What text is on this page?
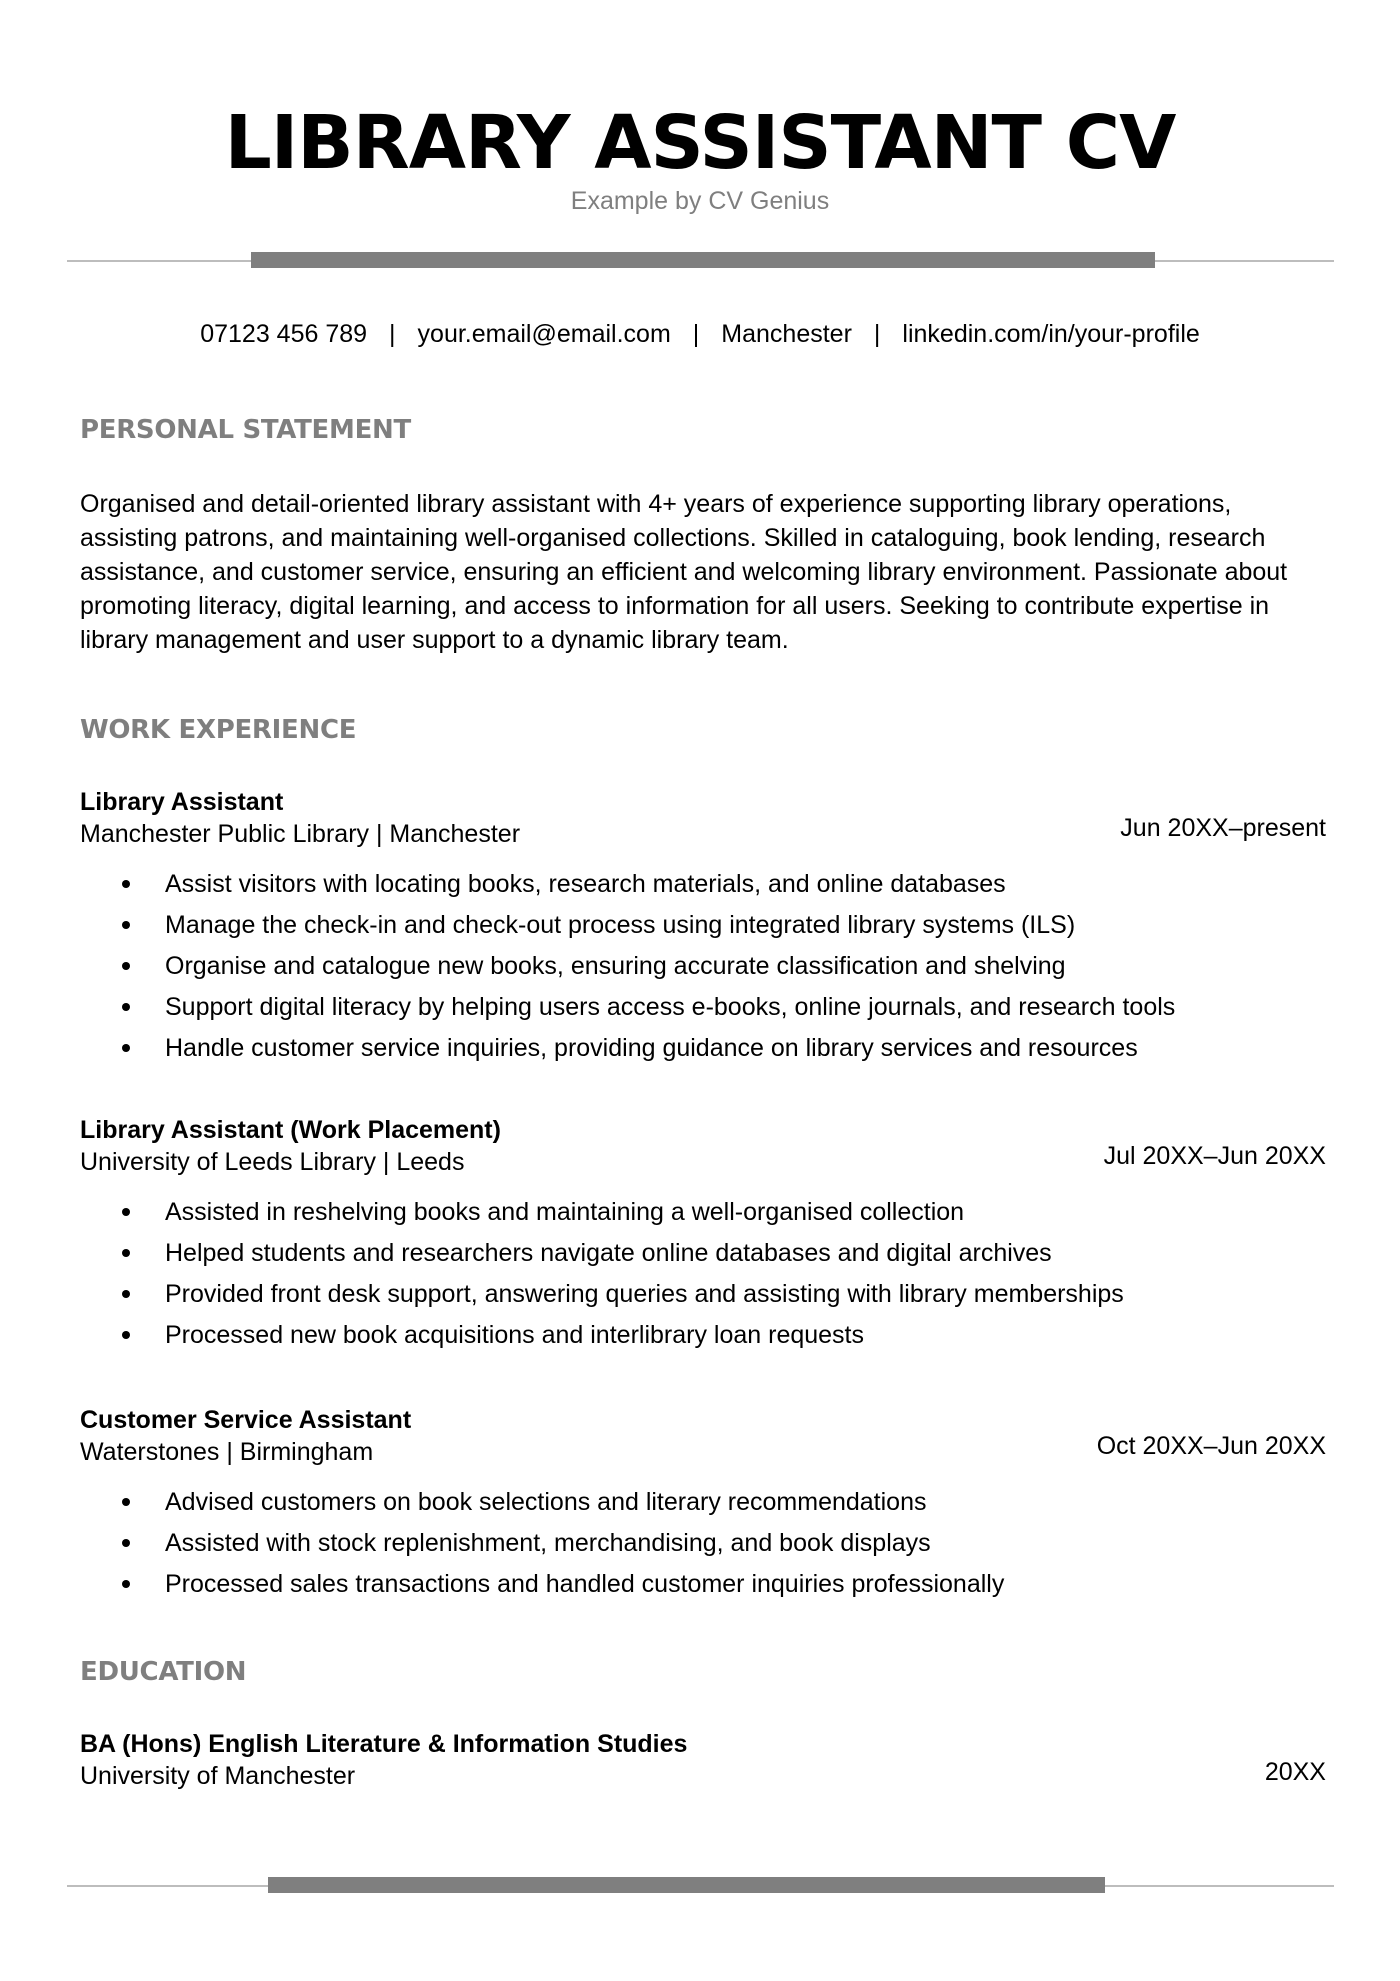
LIBRARY ASSISTANT CV
Example by CV Genius
07123 456 789 | your.email@email.com | Manchester | linkedin.com/in/your-profile
PERSONAL STATEMENT

Organised and detail-oriented library assistant with 4+ years of experience supporting library operations, assisting patrons, and maintaining well-organised collections. Skilled in cataloguing, book lending, research assistance, and customer service, ensuring an efficient and welcoming library environment. Passionate about promoting literacy, digital learning, and access to information for all users. Seeking to contribute expertise in library management and user support to a dynamic library team.

WORK EXPERIENCE
Library Assistant
Manchester Public Library | Manchester	Jun 20XX–present
Assist visitors with locating books, research materials, and online databases
Manage the check-in and check-out process using integrated library systems (ILS)
Organise and catalogue new books, ensuring accurate classification and shelving
Support digital literacy by helping users access e-books, online journals, and research tools
Handle customer service inquiries, providing guidance on library services and resources
Library Assistant (Work Placement)
University of Leeds Library | Leeds	Jul 20XX–Jun 20XX
Assisted in reshelving books and maintaining a well-organised collection
Helped students and researchers navigate online databases and digital archives
Provided front desk support, answering queries and assisting with library memberships
Processed new book acquisitions and interlibrary loan requests
Customer Service Assistant
Waterstones | Birmingham	Oct 20XX–Jun 20XX
Advised customers on book selections and literary recommendations
Assisted with stock replenishment, merchandising, and book displays
Processed sales transactions and handled customer inquiries professionally
EDUCATION
BA (Hons) English Literature & Information Studies
University of Manchester	20XX
